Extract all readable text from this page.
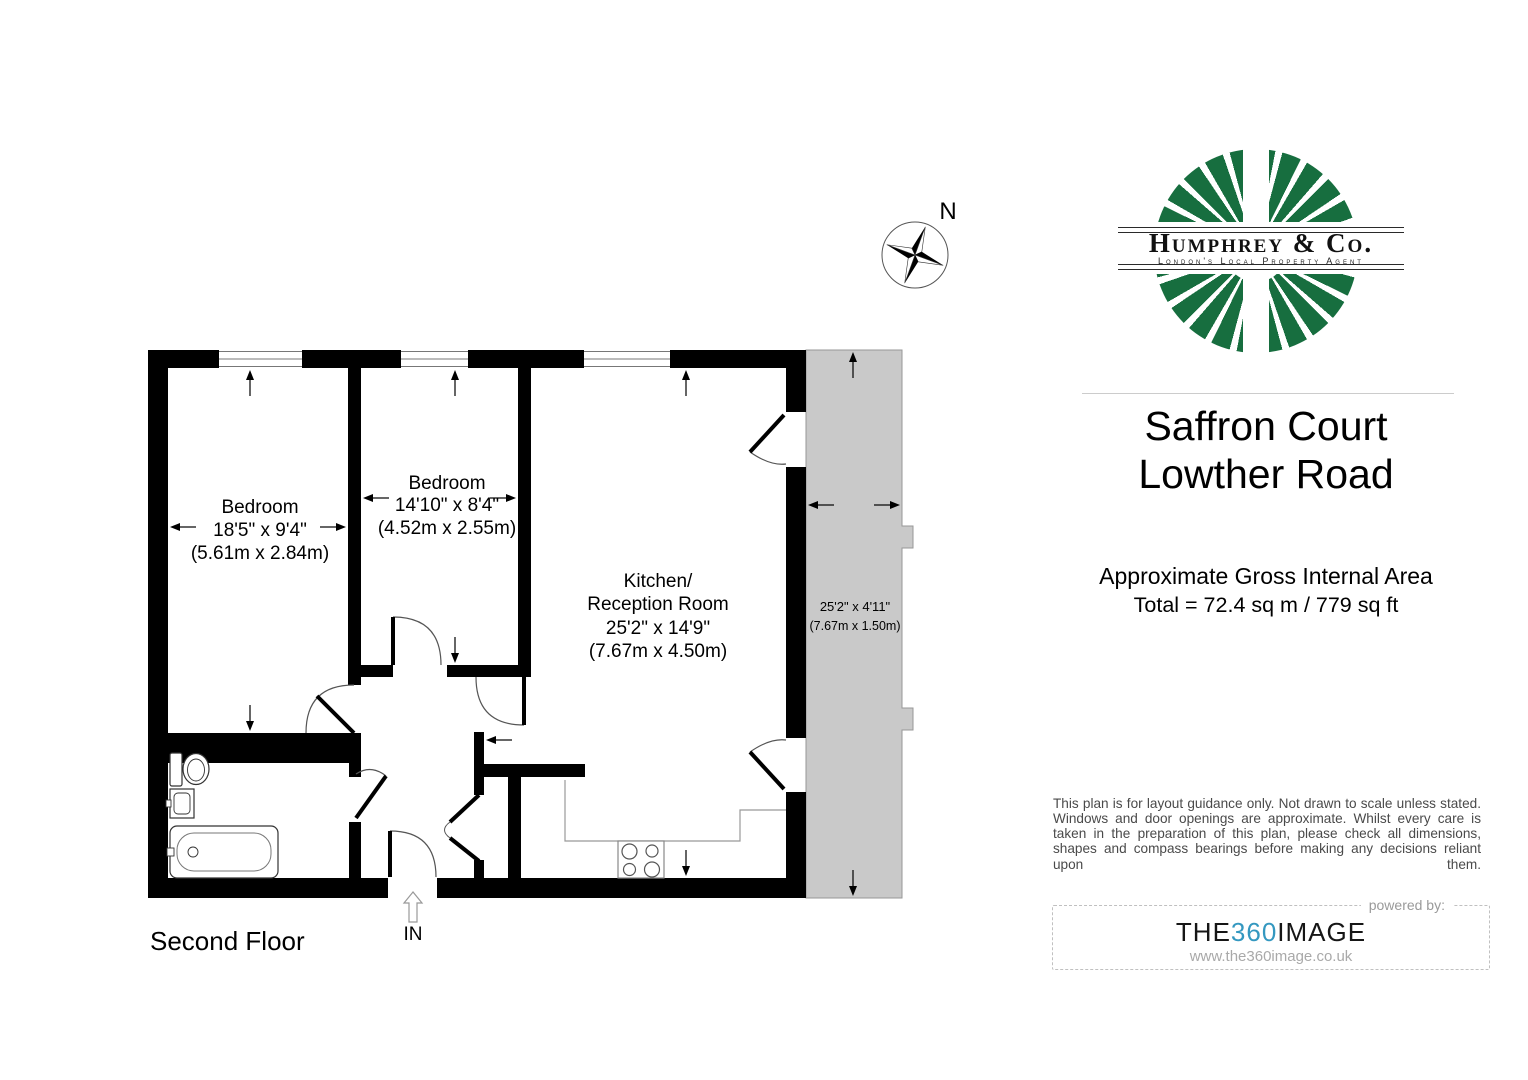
Bedroom
18'5" x 9'4"
(5.61m x 2.84m)
Bedroom
14'10" x 8'4"
(4.52m x 2.55m)
Kitchen/
Reception Room
25'2" x 14'9"
(7.67m x 4.50m)
25'2" x 4'11"
(7.67m x 1.50m)
N
IN
Second Floor
Humphrey & Co.
London's Local Property Agent
Saffron Court
Lowther Road
Approximate Gross Internal Area
Total = 72.4 sq m / 779 sq ft

This plan is for layout guidance only. Not drawn to scale unless stated. Windows and door openings are approximate. Whilst every care is taken in the preparation of this plan, please check all dimensions, shapes and compass bearings before making any decisions reliant upon them.

powered by:
THE360IMAGE
www.the360image.co.uk
